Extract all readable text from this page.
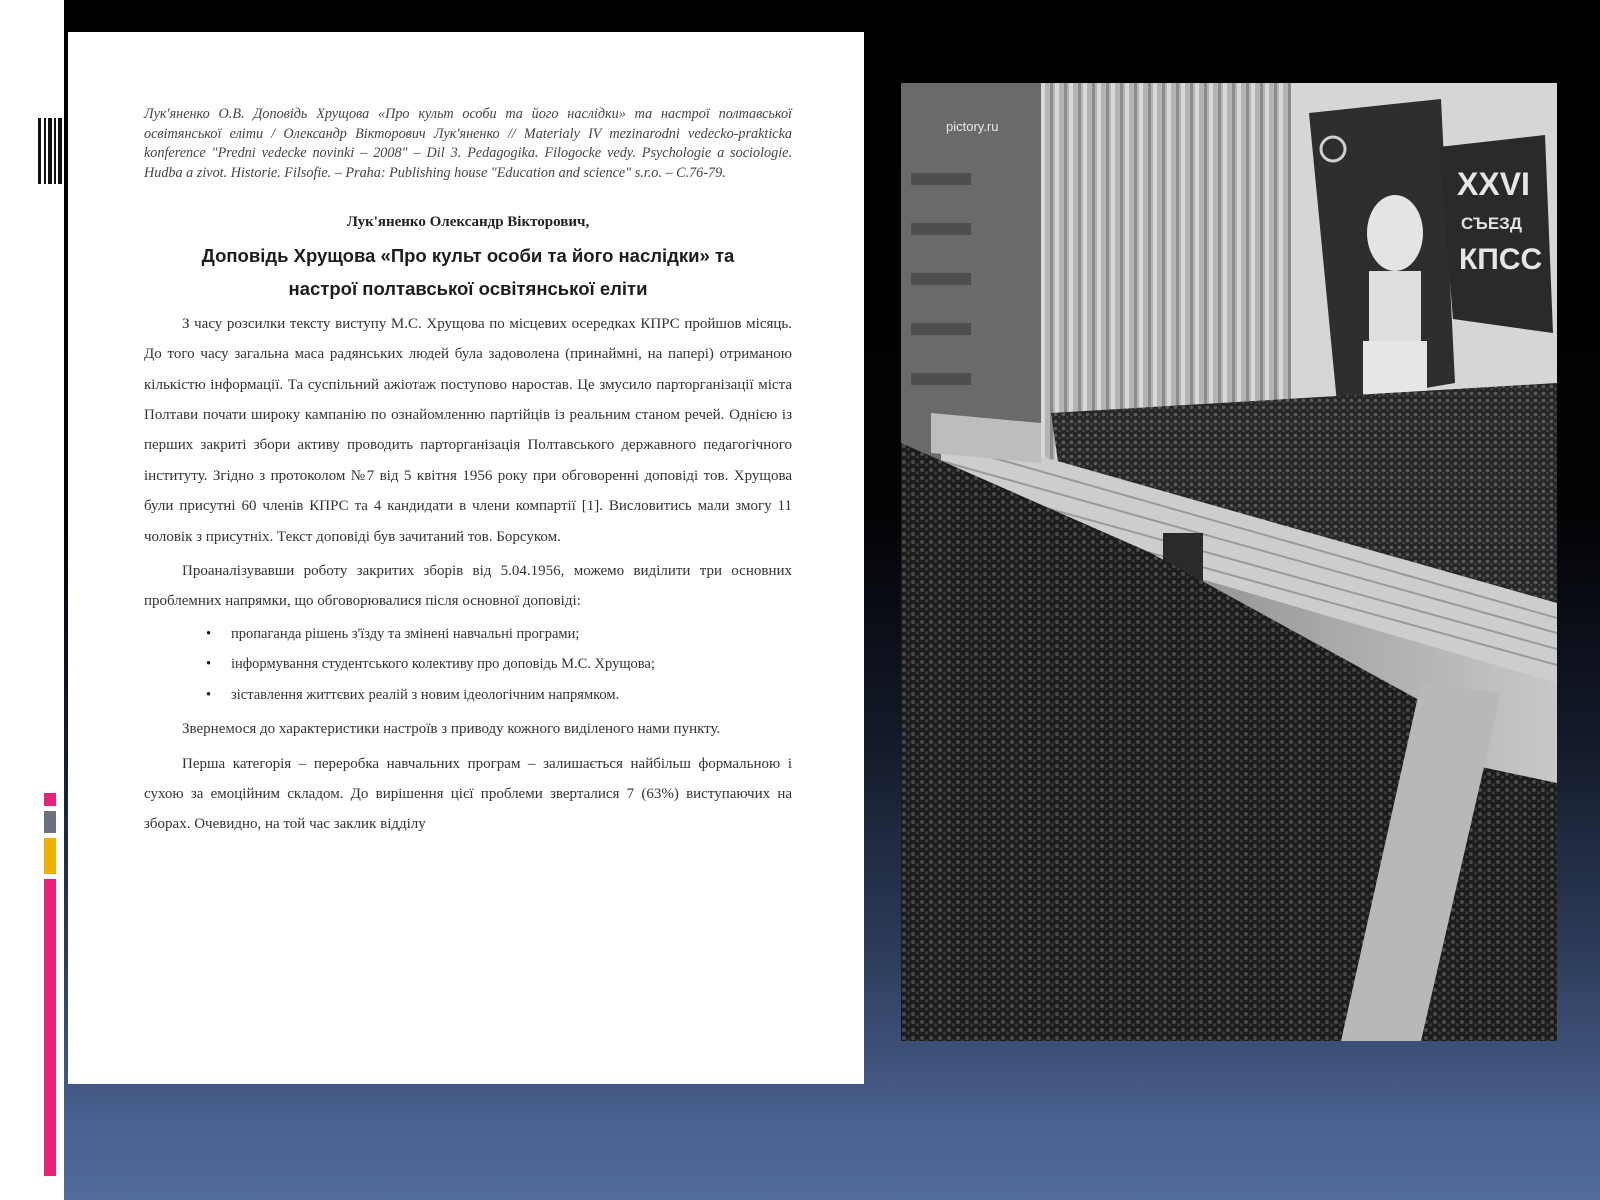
Лук'яненко О.В. Доповідь Хрущова «Про культ особи та його наслідки» та настрої полтавської освітянської еліти / Олександр Вікторович Лук'яненко // Materialy IV mezinarodni vedecko-prakticka konference "Predni vedecke novinki – 2008" – Dil 3. Pedagogika. Filogocke vedy. Psychologie a sociologie. Hudba a zivot. Historie. Filsofie. – Praha: Publishing house "Education and science" s.r.o. – С.76-79.

Лук'яненко Олександр Вікторович,

Доповідь Хрущова «Про культ особи та його наслідки» та
настрої полтавської освітянської еліти

З часу розсилки тексту виступу М.С. Хрущова по місцевих осередках КПРС пройшов місяць. До того часу загальна маса радянських людей була задоволена (принаймні, на папері) отриманою кількістю інформації. Та суспільний ажіотаж поступово наростав. Це змусило парторганізації міста Полтави почати широку кампанію по ознайомленню партійців із реальним станом речей. Однією із перших закриті збори активу проводить парторганізація Полтавського державного педагогічного інституту. Згідно з протоколом №7 від 5 квітня 1956 року при обговоренні доповіді тов. Хрущова були присутні 60 членів КПРС та 4 кандидати в члени компартії [1]. Висловитись мали змогу 11 чоловік з присутніх. Текст доповіді був зачитаний тов. Борсуком.

Проаналізувавши роботу закритих зборів від 5.04.1956, можемо виділити три основних проблемних напрямки, що обговорювалися після основної доповіді:

• пропаганда рішень з'їзду та змінені навчальні програми;
• інформування студентського колективу про доповідь М.С. Хрущова;
• зіставлення життєвих реалій з новим ідеологічним напрямком.

Звернемося до характеристики настроїв з приводу кожного виділеного нами пункту.

Перша категорія – переробка навчальних програм – залишається найбільш формальною і сухою за емоційним складом. До вирішення цієї проблеми зверталися 7 (63%) виступаючих на зборах. Очевидно, на той час заклик відділу

pictory.ru
XXVI
СЪЕЗД
КПСС
